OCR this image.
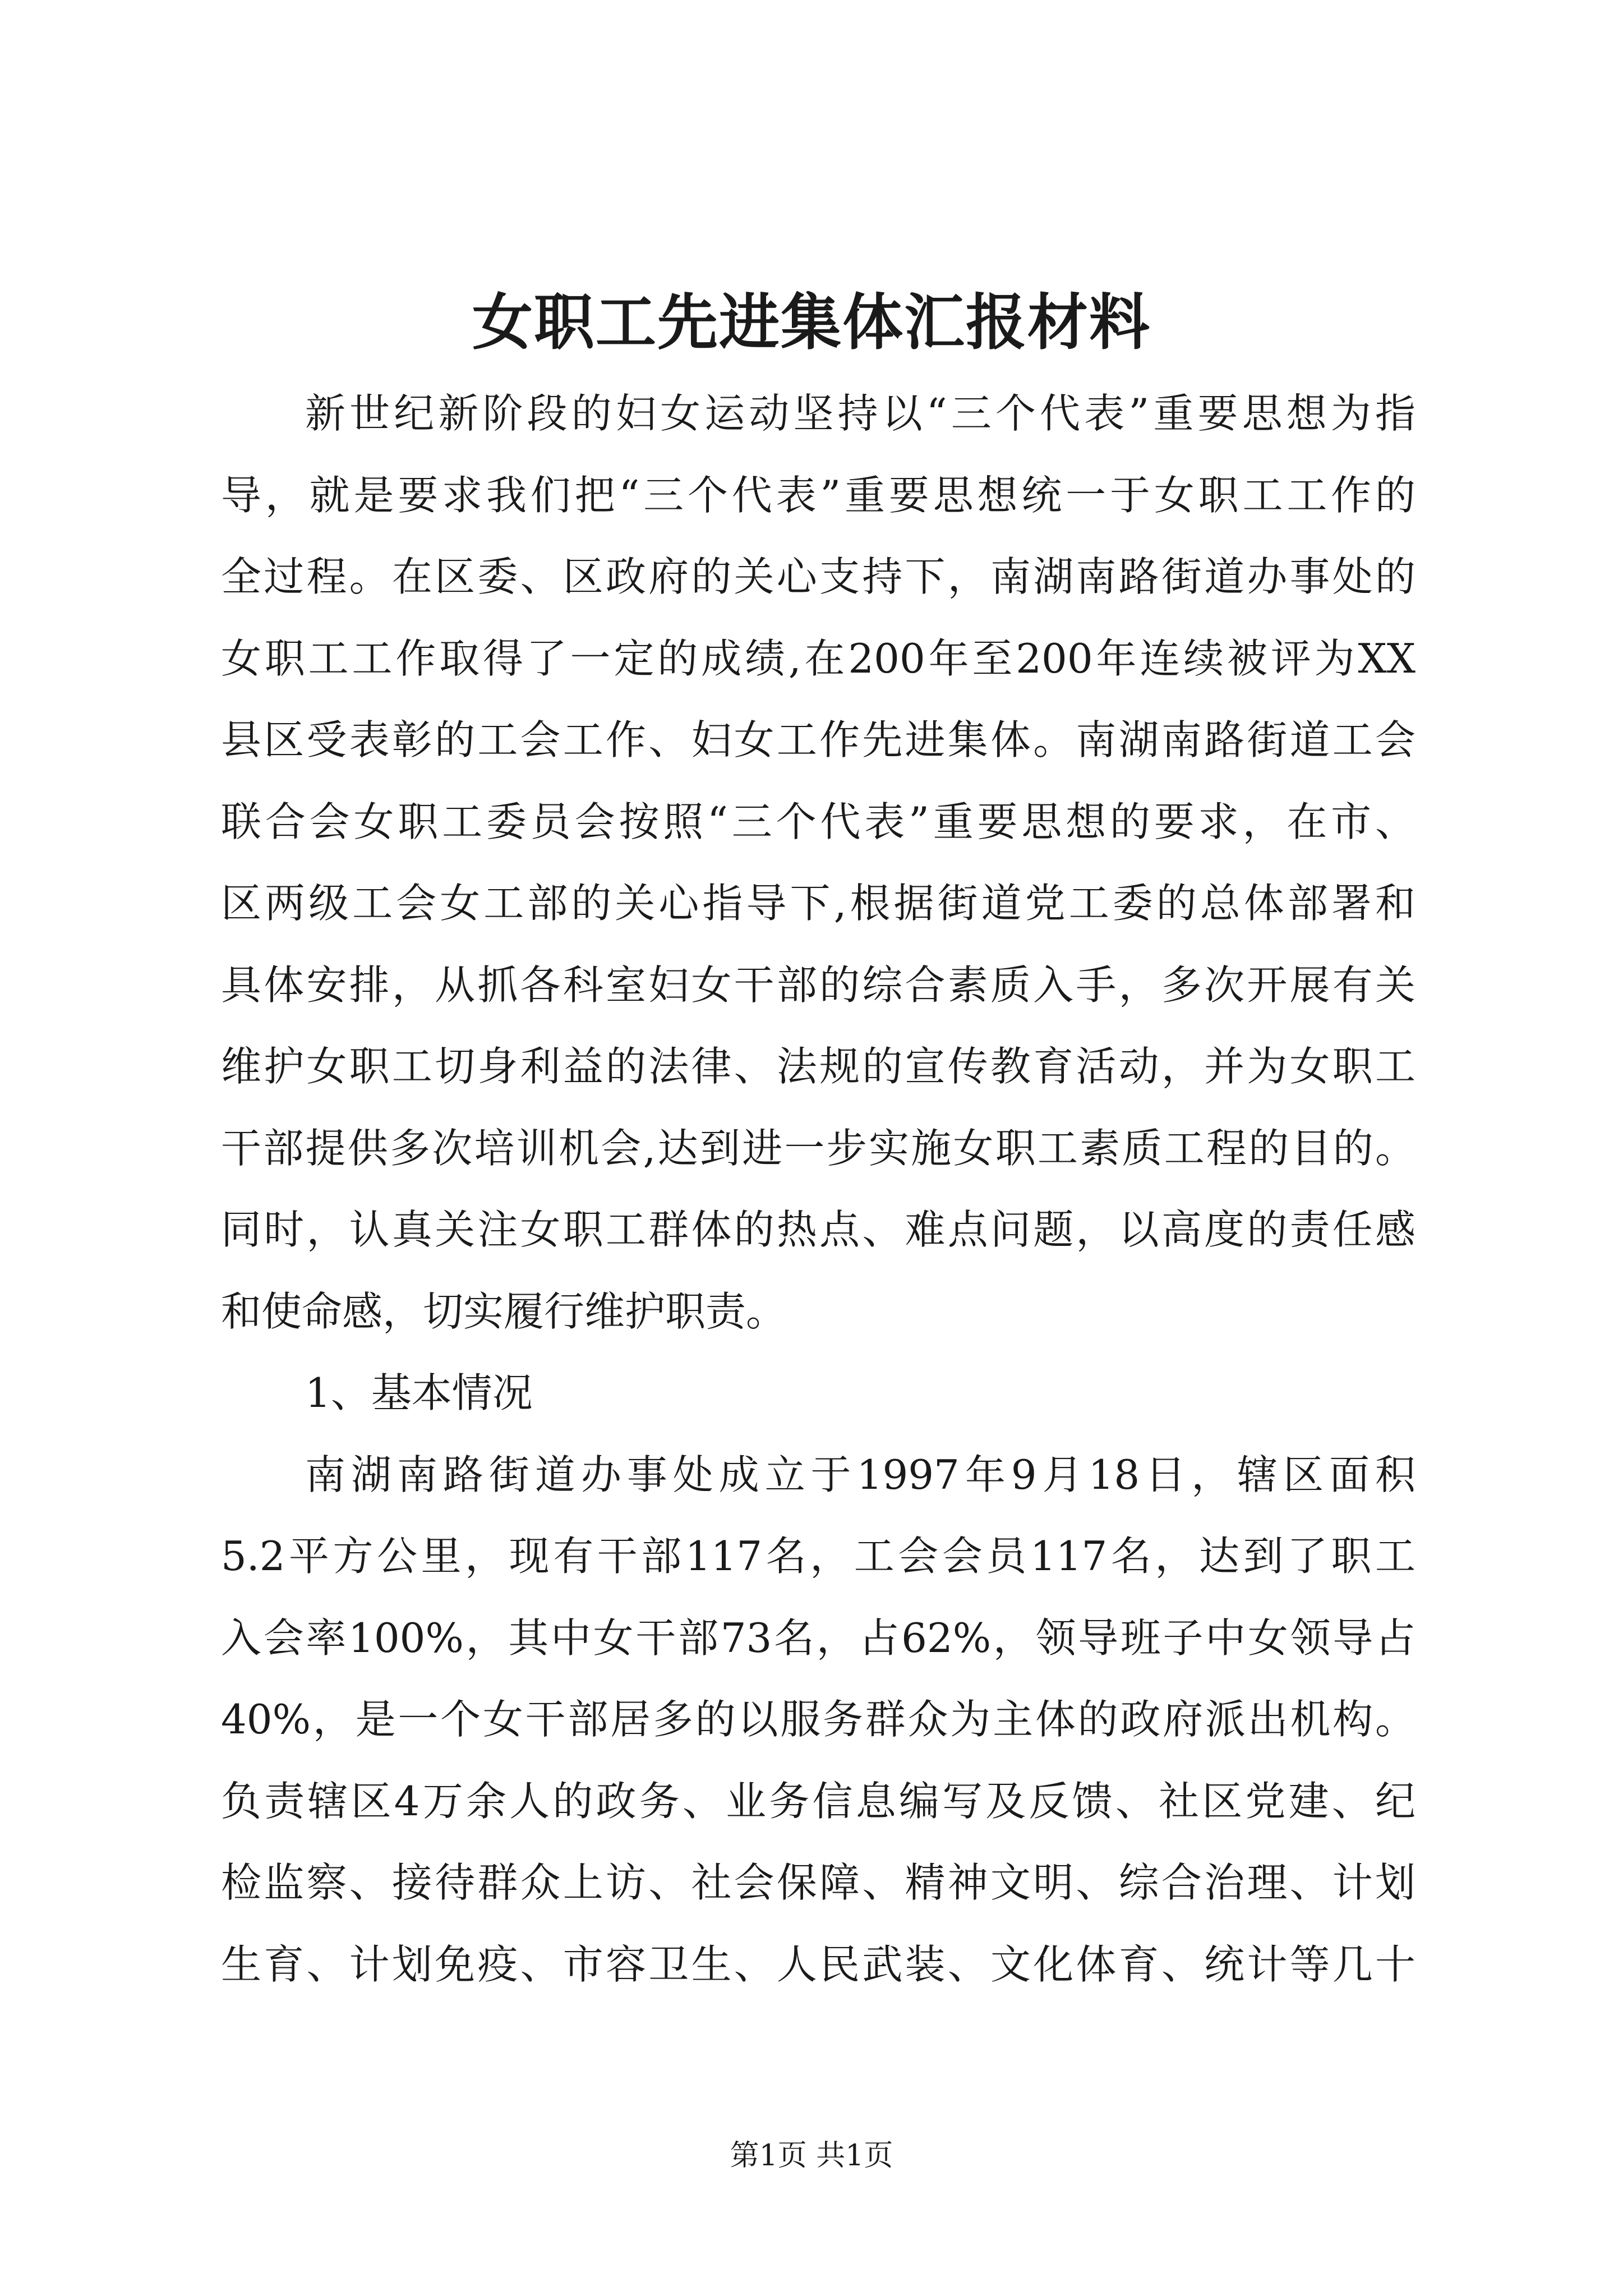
女职工先进集体汇报材料
新世纪新阶段的妇女运动坚持以“三个代表”重要思想为指
导，就是要求我们把“三个代表”重要思想统一于女职工工作的
全过程。在区委、区政府的关心支持下，南湖南路街道办事处的
女职工工作取得了一定的成绩,在200年至200年连续被评为XX
县区受表彰的工会工作、妇女工作先进集体。南湖南路街道工会
联合会女职工委员会按照“三个代表”重要思想的要求，在市、
区两级工会女工部的关心指导下,根据街道党工委的总体部署和
具体安排，从抓各科室妇女干部的综合素质入手，多次开展有关
维护女职工切身利益的法律、法规的宣传教育活动，并为女职工
干部提供多次培训机会,达到进一步实施女职工素质工程的目的。
同时，认真关注女职工群体的热点、难点问题，以高度的责任感
和使命感，切实履行维护职责。
1、基本情况
南湖南路街道办事处成立于1997年9月18日，辖区面积
5.2平方公里，现有干部117名，工会会员117名，达到了职工
入会率100%，其中女干部73名，占62%，领导班子中女领导占
40%，是一个女干部居多的以服务群众为主体的政府派出机构。
负责辖区4万余人的政务、业务信息编写及反馈、社区党建、纪
检监察、接待群众上访、社会保障、精神文明、综合治理、计划
生育、计划免疫、市容卫生、人民武装、文化体育、统计等几十
第1页 共1页
